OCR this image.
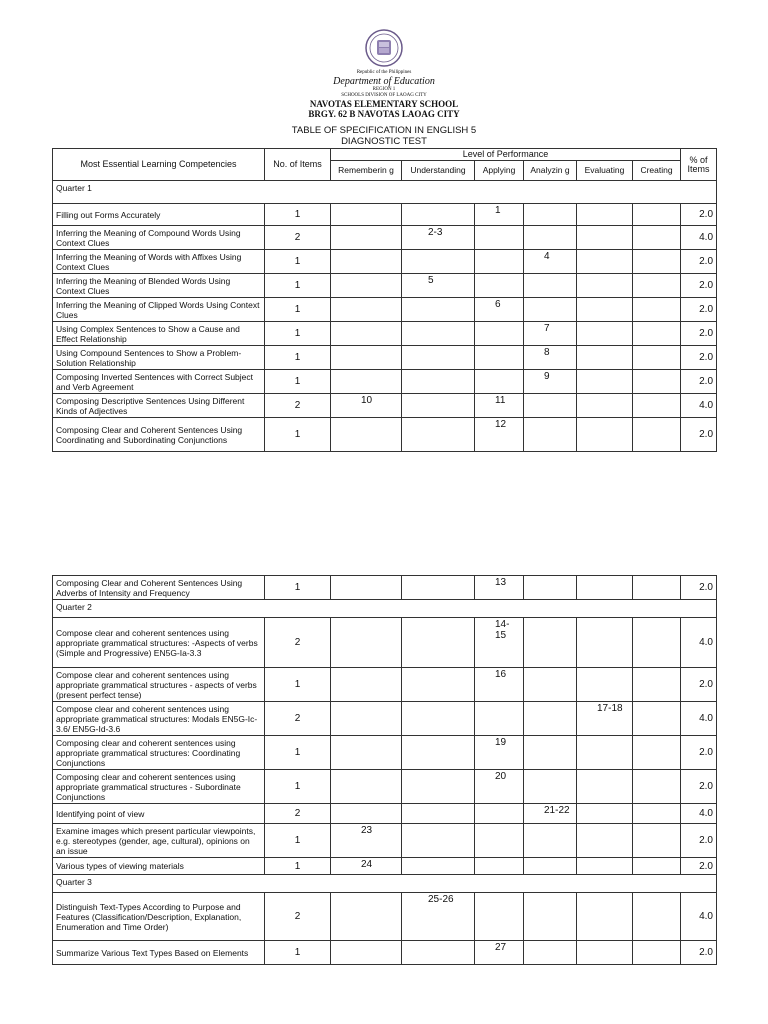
Republic of the Philippines
Department of Education
REGION 1
SCHOOLS DIVISION OF LAOAG CITY
NAVOTAS ELEMENTARY SCHOOL
BRGY. 62 B NAVOTAS LAOAG CITY
TABLE OF SPECIFICATION IN ENGLISH 5
DIAGNOSTIC TEST
Most Essential Learning Competencies	No. of Items	Level of Performance						% of Items
		Rememberin g	Understanding	Applying	Analyzin g	Evaluating	Creating	
Quarter 1								
Filling out Forms Accurately	1			1				2.0
Inferring the Meaning of Compound Words Using Context Clues	2		2-3					4.0
Inferring the Meaning of Words with Affixes Using Context Clues	1				4			2.0
Inferring the Meaning of Blended Words Using Context Clues	1		5					2.0
Inferring the Meaning of Clipped Words Using Context Clues	1			6				2.0
Using Complex Sentences to Show a Cause and Effect Relationship	1				7			2.0
Using Compound Sentences to Show a Problem-Solution Relationship	1				8			2.0
Composing Inverted Sentences with Correct Subject and Verb Agreement	1				9			2.0
Composing Descriptive Sentences Using Different Kinds of Adjectives	2	10		11				4.0
Composing Clear and Coherent Sentences Using Coordinating and Subordinating Conjunctions	1			12				2.0
Composing Clear and Coherent Sentences Using Adverbs of Intensity and Frequency	1			13				2.0
Quarter 2								
Compose clear and coherent sentences using appropriate grammatical structures: -Aspects of verbs (Simple and Progressive) EN5G-Ia-3.3	2			14-15				4.0
Compose clear and coherent sentences using appropriate grammatical structures - aspects of verbs (present perfect tense)	1			16				2.0
Compose clear and coherent sentences using appropriate grammatical structures: Modals EN5G-Ic-3.6/ EN5G-Id-3.6	2					17-18		4.0
Composing clear and coherent sentences using appropriate grammatical structures: Coordinating Conjunctions	1			19				2.0
Composing clear and coherent sentences using appropriate grammatical structures - Subordinate Conjunctions	1			20				2.0
Identifying point of view	2				21-22			4.0
Examine images which present particular viewpoints, e.g. stereotypes (gender, age, cultural), opinions on an issue	1	23						2.0
Various types of viewing materials	1	24						2.0
Quarter 3								
Distinguish Text-Types According to Purpose and Features (Classification/Description, Explanation, Enumeration and Time Order)	2		25-26					4.0
Summarize Various Text Types Based on Elements	1			27				2.0
